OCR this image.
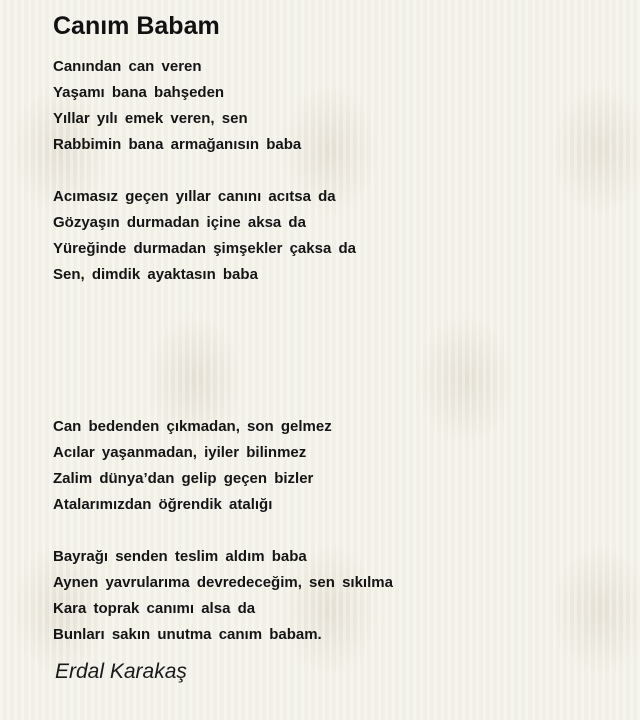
Canım Babam
Canından can veren
Yaşamı bana bahşeden
Yıllar yılı emek veren, sen
Rabbimin bana armağanısın baba
Acımasız geçen yıllar canını acıtsa da
Gözyaşın durmadan içine aksa da
Yüreğinde durmadan şimşekler çaksa da
Sen, dimdik ayaktasın baba
Can bedenden çıkmadan, son gelmez
Acılar yaşanmadan, iyiler bilinmez
Zalim dünya’dan gelip geçen bizler
Atalarımızdan öğrendik atalığı
Bayrağı senden teslim aldım baba
Aynen yavrularıma devredeceğim, sen sıkılma
Kara toprak canımı alsa da
Bunları sakın unutma canım babam.

Erdal Karakaş
